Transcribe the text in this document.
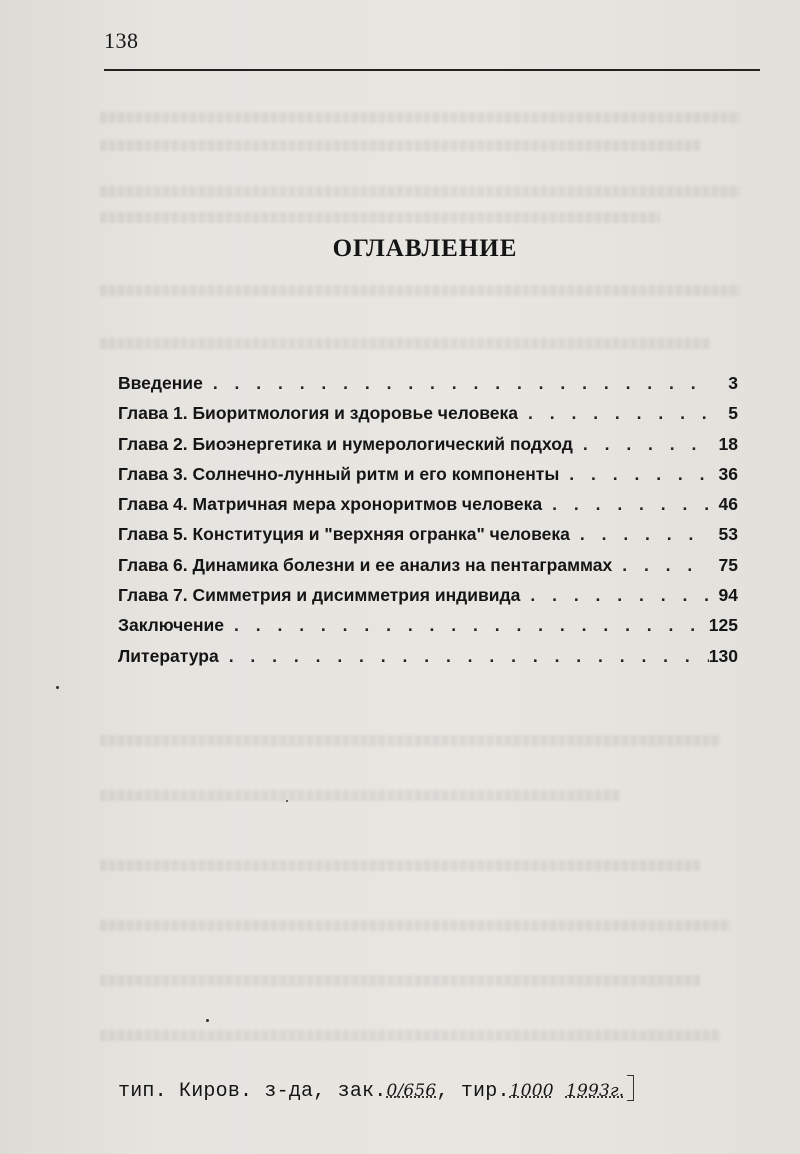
138
ОГЛАВЛЕНИЕ
Введение . . .	3
Глава 1. Биоритмология и здоровье человека . . .	5
Глава 2. Биоэнергетика и нумерологический подход . . .	18
Глава 3. Солнечно-лунный ритм и его компоненты . . .	36
Глава 4. Матричная мера хроноритмов человека . . .	46
Глава 5. Конституция и "верхняя огранка" человека . . .	53
Глава 6. Динамика болезни и ее анализ на пентаграммах . . .	75
Глава 7. Симметрия и дисимметрия индивида . . .	94
Заключение . . .	125
Литература . . .	130
тип. Киров. з-да, зак.0/656, тир.1000 1993г.
